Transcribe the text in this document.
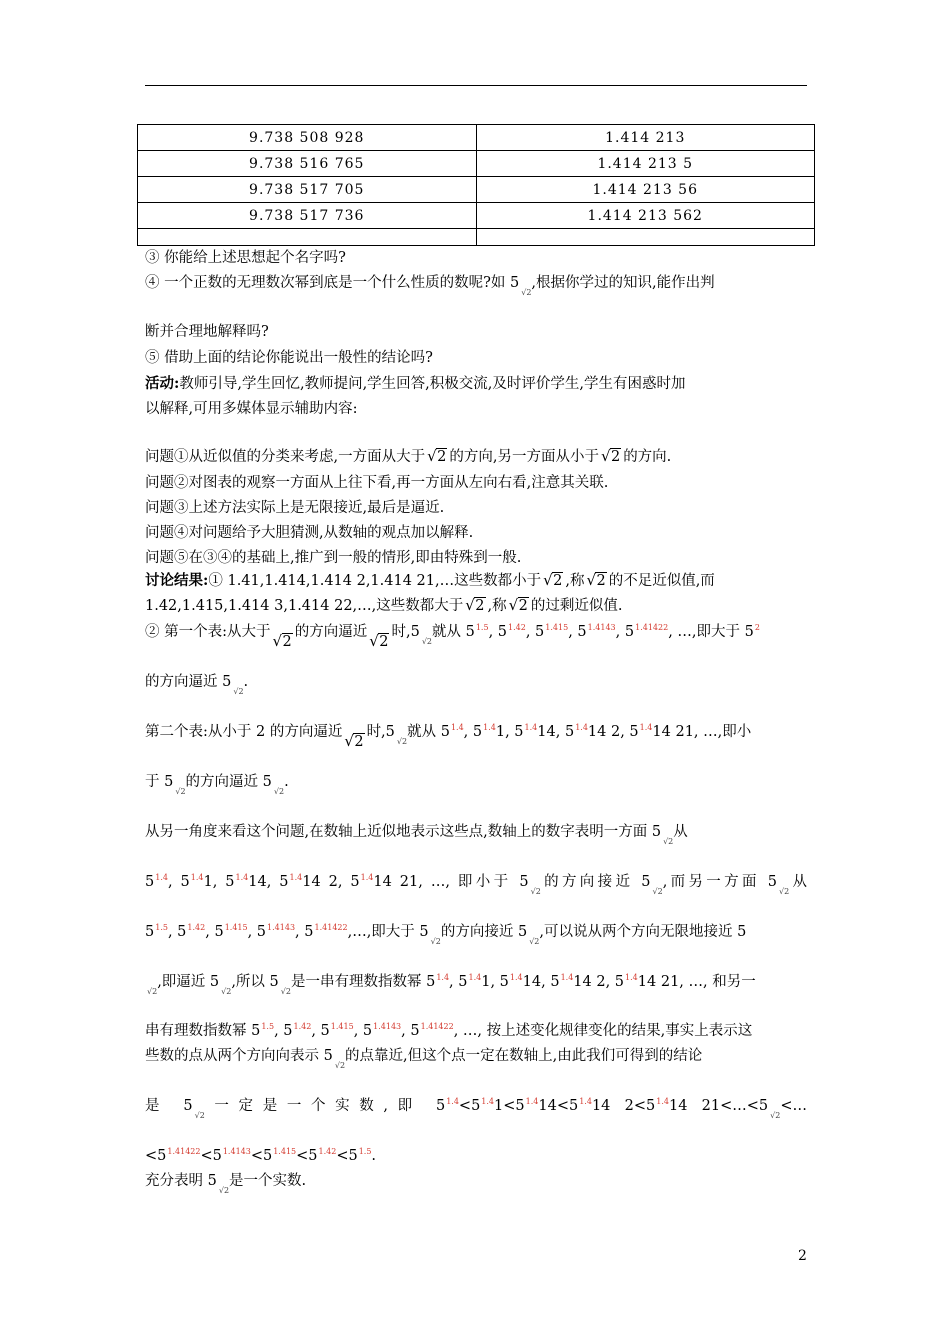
9.738 508 928	1.414 213
9.738 516 765	1.414 213 5
9.738 517 705	1.414 213 56
9.738 517 736	1.414 213 562

③ 你能给上述思想起个名字吗?
④ 一个正数的无理数次幂到底是一个什么性质的数呢?如 $5_{√2}$,根据你学过的知识,能作出判
断并合理地解释吗?
⑤ 借助上面的结论你能说出一般性的结论吗?
活动:教师引导,学生回忆,教师提问,学生回答,积极交流,及时评价学生,学生有困惑时加
以解释,可用多媒体显示辅助内容:
问题①从近似值的分类来考虑,一方面从大于 √ 2 的方向,另一方面从小于 √ 2 的方向.
问题②对图表的观察一方面从上往下看,再一方面从左向右看,注意其关联.
问题③上述方法实际上是无限接近,最后是逼近.
问题④对问题给予大胆猜测,从数轴的观点加以解释.
问题⑤在③④的基础上,推广到一般的情形,即由特殊到一般.
讨论结果:① 1.41,1.414,1.414 2,1.414 21,…这些数都小于 √ 2 ,称 √ 2 的不足近似值,而
1.42,1.415,1.414 3,1.414 22,…,这些数都大于 √ 2 ,称 √ 2 的过剩近似值.
② 第一个表:从大于√ 2的方向逼近√ 2时$,5_{√2}$就从 $5^{1.5}$, $5^{1.42}$, $5^{1.415}$, $5^{1.4143}$, $5^{1.41422}$, …,即大于 $5^2$
的方向逼近 $5_{√2}$.
第二个表:从小于 2 的方向逼近√ 2时$,5_{√2}$就从 $5^{1.4}$, $5^{1.4}1$, $5^{1.4}14$, $5^{1.4}14$ 2, $5^{1.4}14$ 21, …,即小
于 $5_{√2}$的方向逼近 $5_{√2}$.
从另一角度来看这个问题,在数轴上近似地表示这些点,数轴上的数字表明一方面 $5_{√2}$从
$5^{1.4}$, $5^{1.4}1$, $5^{1.4}14$, $5^{1.4}14$ 2, $5^{1.4}14$ 21, …, 即小于 $5_{√2}$的方向接近 $5_{√2}$,而另一方面 $5_{√2}$从
$5^{1.5}$, $5^{1.42}$, $5^{1.415}$, $5^{1.4143}$, $5^{1.41422},\dots$,即大于 $5_{√2}$的方向接近 $5_{√2}$,可以说从两个方向无限地接近 5
$_{√2}$,即逼近 $5_{√2}$,所以 $5_{√2}$是一串有理数指数幂 $5^{1.4}$, $5^{1.4}1$, $5^{1.4}14$, $5^{1.4}14$ 2, $5^{1.4}14$ 21, …, 和另一
串有理数指数幂 $5^{1.5}$, $5^{1.42}$, $5^{1.415}$, $5^{1.4143}$, $5^{1.41422}$, …, 按上述变化规律变化的结果,事实上表示这
些数的点从两个方向向表示 $5_{√2}$的点靠近,但这个点一定在数轴上,由此我们可得到的结论
是 $5_{√2}$一定是一个实数,即 $5^{1.4}<5^{1.4}1<5^{1.4}14<5^{1.4}14$ $2<5^{1.4}14$ $21<\dots<5_{√2}<\dots$
$<5^{1.41422}<5^{1.4143}<5^{1.415}<5^{1.42}<5^{1.5}$.
充分表明 $5_{√2}$是一个实数.
2
